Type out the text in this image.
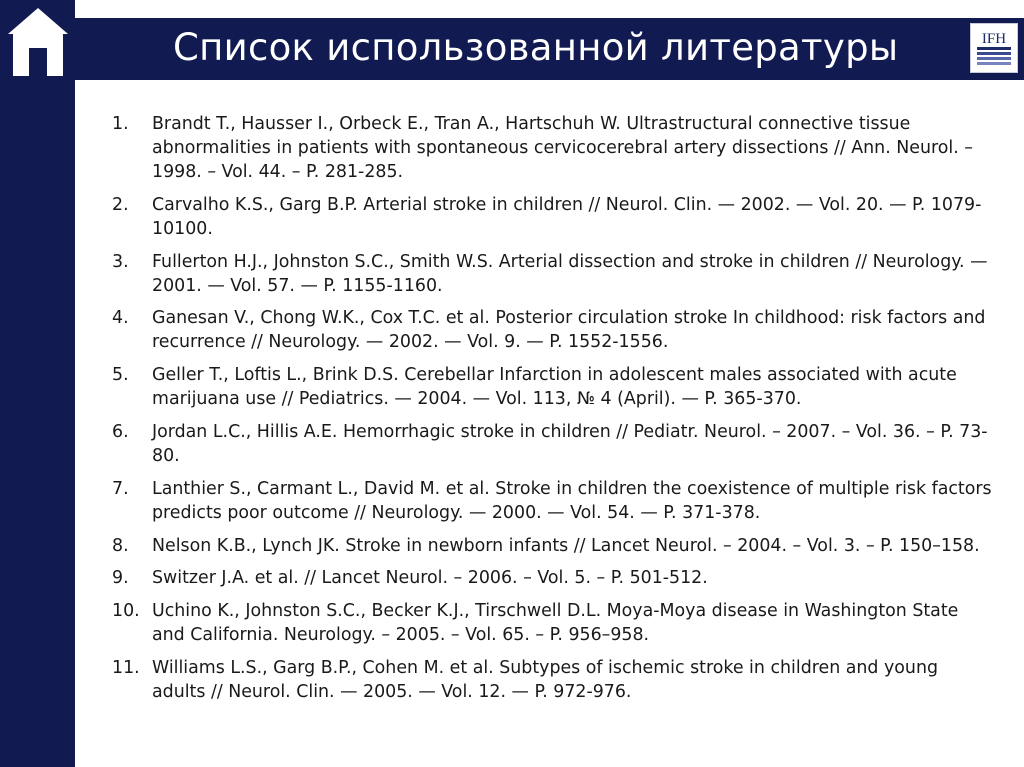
Список использованной литературы	IFH
1. Brandt T., Hausser I., Orbeck E., Tran A., Hartschuh W. Ultrastructural connective tissue abnormalities in patients with spontaneous cervicocerebral artery dissections // Ann. Neurol. – 1998. – Vol. 44. – P. 281-285.
2. Carvalho K.S., Garg B.P. Arterial stroke in children // Neurol. Clin. — 2002. — Vol. 20. — P. 1079-10100.
3. Fullerton H.J., Johnston S.C., Smith W.S. Arterial dissection and stroke in children // Neurology. — 2001. — Vol. 57. — P. 1155-1160.
4. Ganesan V., Chong W.K., Cox T.C. et al. Posterior circulation stroke In childhood: risk factors and recurrence // Neurology. — 2002. — Vol. 9. — P. 1552-1556.
5. Geller T., Loftis L., Brink D.S. Cerebellar Infarction in adolescent males associated with acute marijuana use // Pediatrics. — 2004. — Vol. 113, № 4 (April). — P. 365-370.
6. Jordan L.C., Hillis A.E. Hemorrhagic stroke in children // Pediatr. Neurol. – 2007. – Vol. 36. – P. 73-80.
7. Lanthier S., Carmant L., David M. et al. Stroke in children the coexistence of multiple risk factors predicts poor outcome // Neurology. — 2000. — Vol. 54. — P. 371-378.
8. Nelson K.B., Lynch JK. Stroke in newborn infants // Lancet Neurol. – 2004. – Vol. 3. – P. 150–158.
9. Switzer J.A. et al. // Lancet Neurol. – 2006. – Vol. 5. – P. 501-512.
10. Uchino K., Johnston S.C., Becker K.J., Tirschwell D.L. Moya-Moya disease in Washington State and California. Neurology. – 2005. – Vol. 65. – P. 956–958.
11. Williams L.S., Garg B.P., Cohen M. et al. Subtypes of ischemic stroke in children and young adults // Neurol. Clin. — 2005. — Vol. 12. — P. 972-976.
